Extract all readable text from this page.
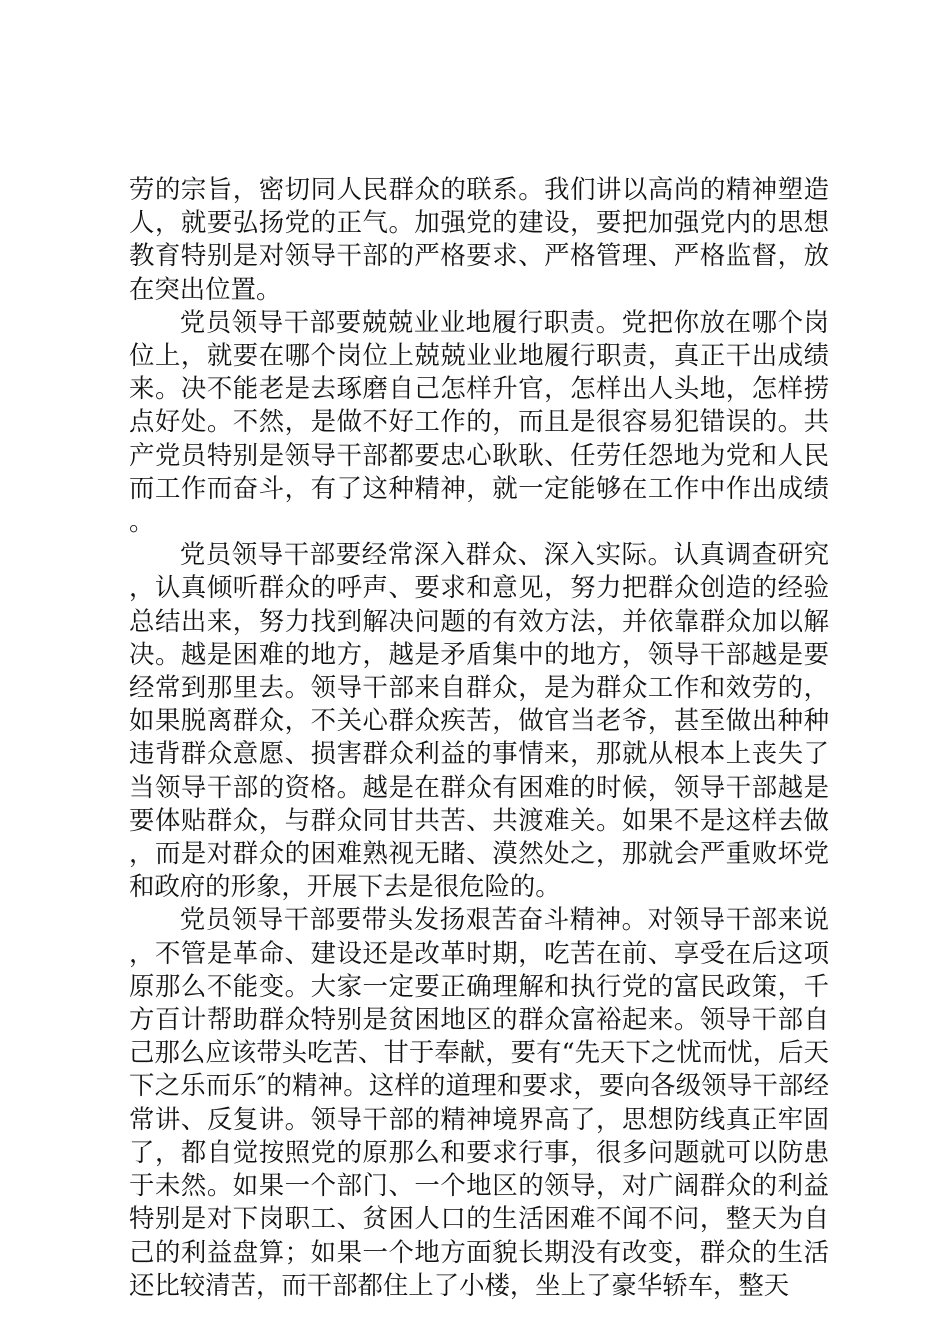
劳的宗旨，密切同人民群众的联系。我们讲以高尚的精神塑造人，就要弘扬党的正气。加强党的建设，要把加强党内的思想教育特别是对领导干部的严格要求、严格管理、严格监督，放在突出位置。

党员领导干部要兢兢业业地履行职责。党把你放在哪个岗位上，就要在哪个岗位上兢兢业业地履行职责，真正干出成绩来。决不能老是去琢磨自己怎样升官，怎样出人头地，怎样捞点好处。不然，是做不好工作的，而且是很容易犯错误的。共产党员特别是领导干部都要忠心耿耿、任劳任怨地为党和人民而工作而奋斗，有了这种精神，就一定能够在工作中作出成绩。

党员领导干部要经常深入群众、深入实际。认真调查研究，认真倾听群众的呼声、要求和意见，努力把群众创造的经验总结出来，努力找到解决问题的有效方法，并依靠群众加以解决。越是困难的地方，越是矛盾集中的地方，领导干部越是要经常到那里去。领导干部来自群众，是为群众工作和效劳的，如果脱离群众，不关心群众疾苦，做官当老爷，甚至做出种种违背群众意愿、损害群众利益的事情来，那就从根本上丧失了当领导干部的资格。越是在群众有困难的时候，领导干部越是要体贴群众，与群众同甘共苦、共渡难关。如果不是这样去做，而是对群众的困难熟视无睹、漠然处之，那就会严重败坏党和政府的形象，开展下去是很危险的。

党员领导干部要带头发扬艰苦奋斗精神。对领导干部来说，不管是革命、建设还是改革时期，吃苦在前、享受在后这项原那么不能变。大家一定要正确理解和执行党的富民政策，千方百计帮助群众特别是贫困地区的群众富裕起来。领导干部自己那么应该带头吃苦、甘于奉献，要有“先天下之忧而忧，后天下之乐而乐″的精神。这样的道理和要求，要向各级领导干部经常讲、反复讲。领导干部的精神境界高了，思想防线真正牢固了，都自觉按照党的原那么和要求行事，很多问题就可以防患于未然。如果一个部门、一个地区的领导，对广阔群众的利益特别是对下岗职工、贫困人口的生活困难不闻不问，整天为自己的利益盘算；如果一个地方面貌长期没有改变，群众的生活还比较清苦，而干部都住上了小楼，坐上了豪华轿车，整天
